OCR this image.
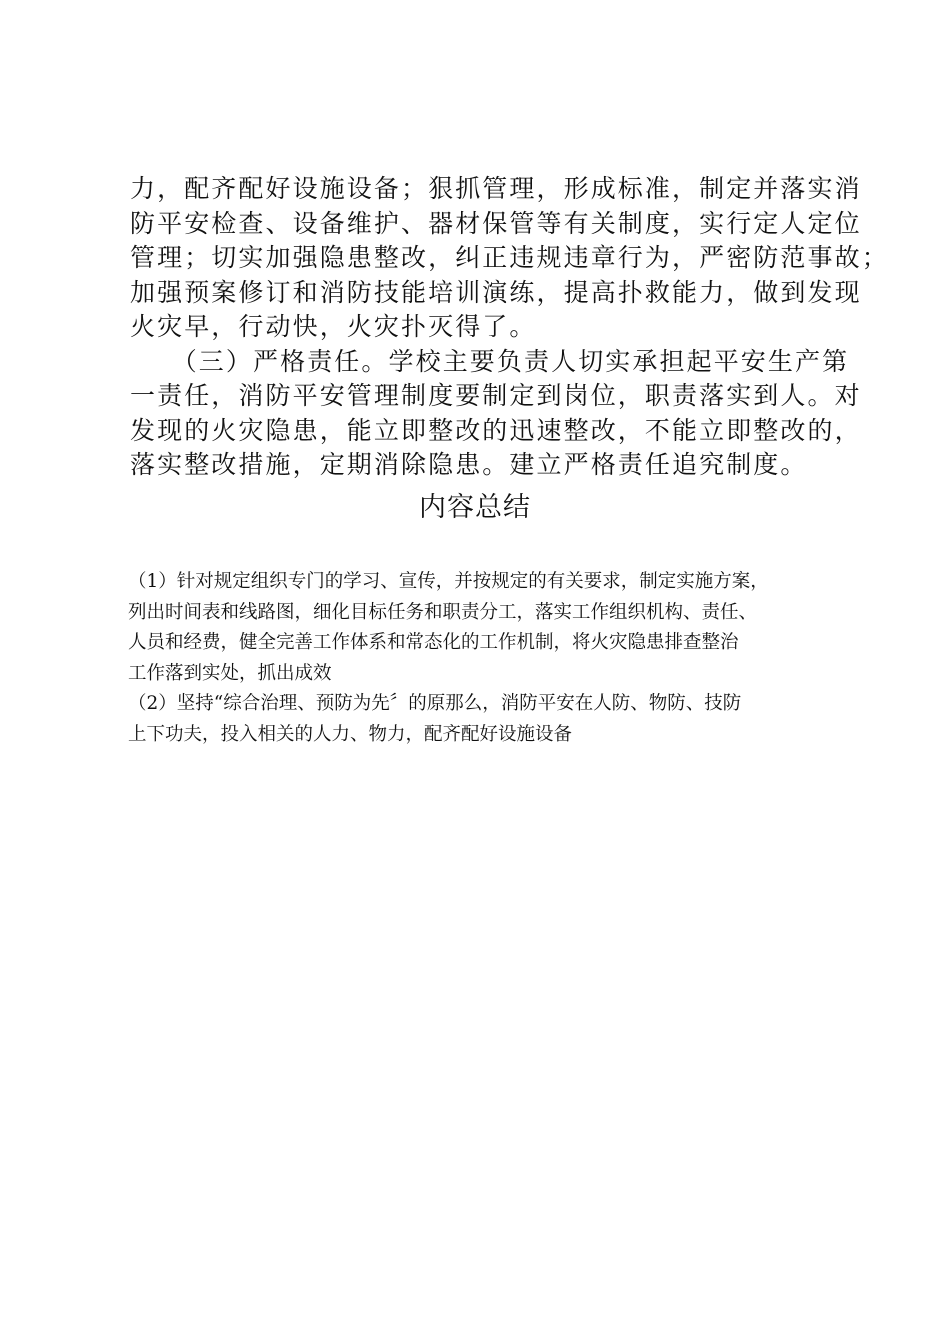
力，配齐配好设施设备；狠抓管理，形成标准，制定并落实消
防平安检查、设备维护、器材保管等有关制度，实行定人定位
管理；切实加强隐患整改，纠正违规违章行为，严密防范事故；
加强预案修订和消防技能培训演练，提高扑救能力，做到发现
火灾早，行动快，火灾扑灭得了。
　　（三）严格责任。学校主要负责人切实承担起平安生产第
一责任，消防平安管理制度要制定到岗位，职责落实到人。对
发现的火灾隐患，能立即整改的迅速整改，不能立即整改的，
落实整改措施，定期消除隐患。建立严格责任追究制度。
内容总结
（1）针对规定组织专门的学习、宣传，并按规定的有关要求，制定实施方案，
列出时间表和线路图，细化目标任务和职责分工，落实工作组织机构、责任、
人员和经费，健全完善工作体系和常态化的工作机制，将火灾隐患排查整治
工作落到实处，抓出成效
（2）坚持“综合治理、预防为先〞的原那么，消防平安在人防、物防、技防
上下功夫，投入相关的人力、物力，配齐配好设施设备
